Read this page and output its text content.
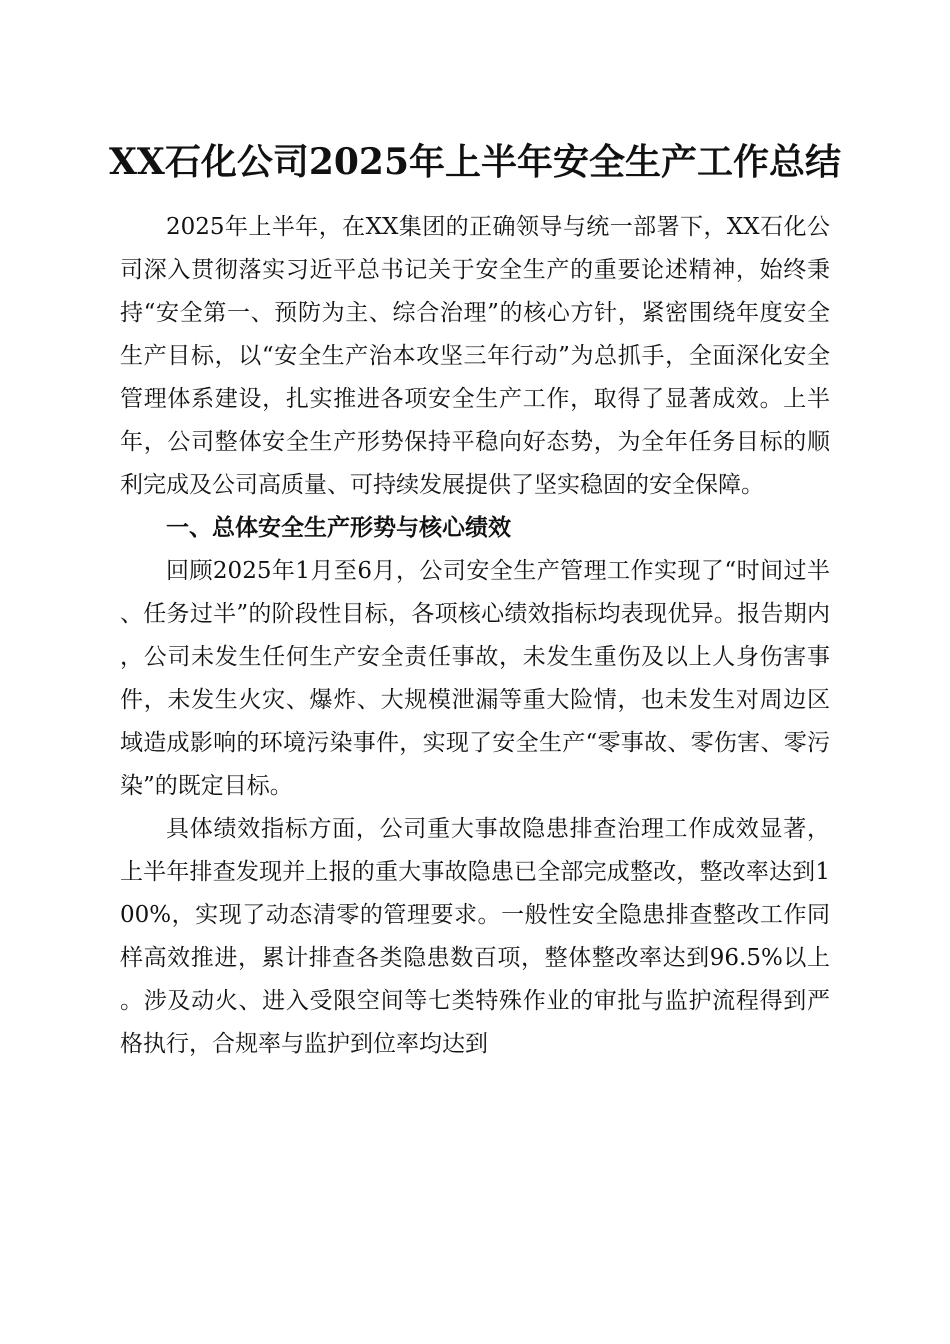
XX石化公司2025年上半年安全生产工作总结

2025年上半年，在XX集团的正确领导与统一部署下，XX石化公司深入贯彻落实习近平总书记关于安全生产的重要论述精神，始终秉持“安全第一、预防为主、综合治理”的核心方针，紧密围绕年度安全生产目标，以“安全生产治本攻坚三年行动”为总抓手，全面深化安全管理体系建设，扎实推进各项安全生产工作，取得了显著成效。上半年，公司整体安全生产形势保持平稳向好态势，为全年任务目标的顺利完成及公司高质量、可持续发展提供了坚实稳固的安全保障。

一、总体安全生产形势与核心绩效

回顾2025年1月至6月，公司安全生产管理工作实现了“时间过半、任务过半”的阶段性目标，各项核心绩效指标均表现优异。报告期内，公司未发生任何生产安全责任事故，未发生重伤及以上人身伤害事件，未发生火灾、爆炸、大规模泄漏等重大险情，也未发生对周边区域造成影响的环境污染事件，实现了安全生产“零事故、零伤害、零污染”的既定目标。

具体绩效指标方面，公司重大事故隐患排查治理工作成效显著，上半年排查发现并上报的重大事故隐患已全部完成整改，整改率达到100%，实现了动态清零的管理要求。一般性安全隐患排查整改工作同样高效推进，累计排查各类隐患数百项，整体整改率达到96.5%以上。涉及动火、进入受限空间等七类特殊作业的审批与监护流程得到严格执行，合规率与监护到位率均达到
